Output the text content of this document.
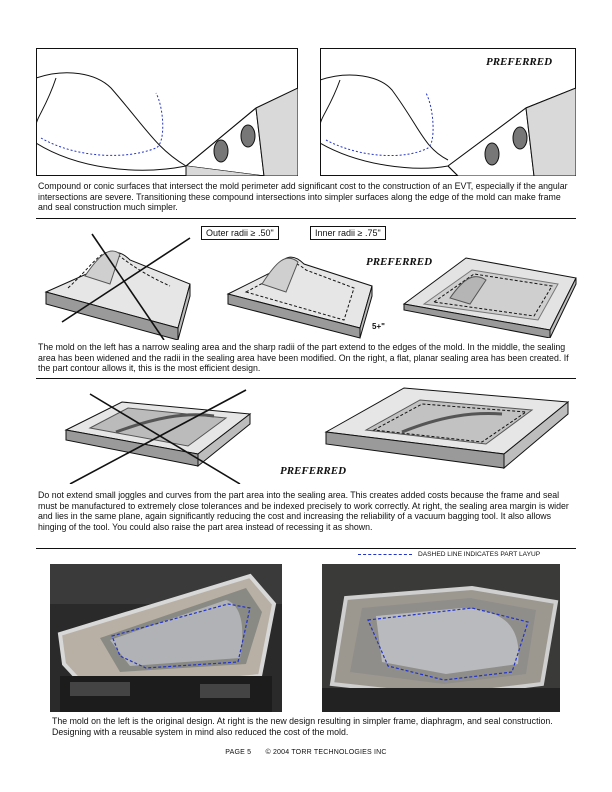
PREFERRED
Compound or conic surfaces that intersect the mold perimeter add significant cost to the construction of an EVT, especially if the angular intersections are severe. Transitioning these compound intersections into simpler surfaces along the edge of the mold can make frame and seal construction much simpler.
Outer radii ≥ .50"	Inner radii ≥ .75"
PREFERRED
5+"
The mold on the left has a narrow sealing area and the sharp radii of the part extend to the edges of the mold. In the middle, the sealing area has been widened and the radii in the sealing area have been modified. On the right, a flat, planar sealing area has been created. If the part contour allows it, this is the most efficient design.
PREFERRED
Do not extend small joggles and curves from the part area into the sealing area. This creates added costs because the frame and seal must be manufactured to extremely close tolerances and be indexed precisely to work correctly. At right, the sealing area margin is wider and lies in the same plane, again significantly reducing the cost and increasing the reliability of a vacuum bagging tool. It also allows hinging of the tool. You could also raise the part area instead of recessing it as shown.
DASHED LINE INDICATES PART LAYUP
The mold on the left is the original design. At right is the new design resulting in simpler frame, diaphragm, and seal construction. Designing with a reusable system in mind also reduced the cost of the mold.
PAGE 5 © 2004 TORR TECHNOLOGIES INC
